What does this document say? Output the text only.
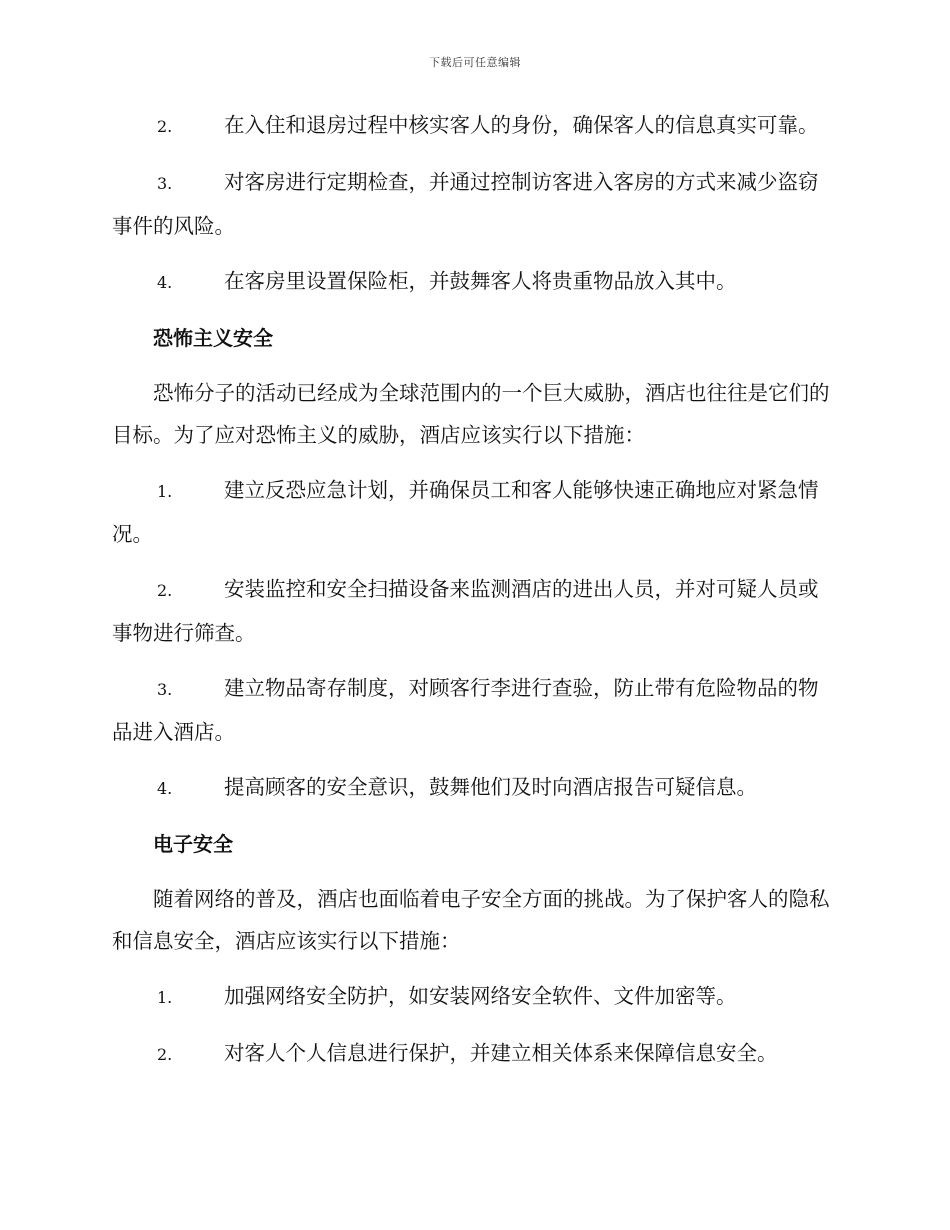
下载后可任意编辑
2.	在入住和退房过程中核实客人的身份，确保客人的信息真实可靠。
3.	对客房进行定期检查，并通过控制访客进入客房的方式来减少盗窃事件的风险。
4.	在客房里设置保险柜，并鼓舞客人将贵重物品放入其中。
恐怖主义安全
恐怖分子的活动已经成为全球范围内的一个巨大威胁，酒店也往往是它们的目标。为了应对恐怖主义的威胁，酒店应该实行以下措施：
1.	建立反恐应急计划，并确保员工和客人能够快速正确地应对紧急情况。
2.	安装监控和安全扫描设备来监测酒店的进出人员，并对可疑人员或事物进行筛查。
3.	建立物品寄存制度，对顾客行李进行查验，防止带有危险物品的物品进入酒店。
4.	提高顾客的安全意识，鼓舞他们及时向酒店报告可疑信息。
电子安全
随着网络的普及，酒店也面临着电子安全方面的挑战。为了保护客人的隐私和信息安全，酒店应该实行以下措施：
1.	加强网络安全防护，如安装网络安全软件、文件加密等。
2.	对客人个人信息进行保护，并建立相关体系来保障信息安全。
